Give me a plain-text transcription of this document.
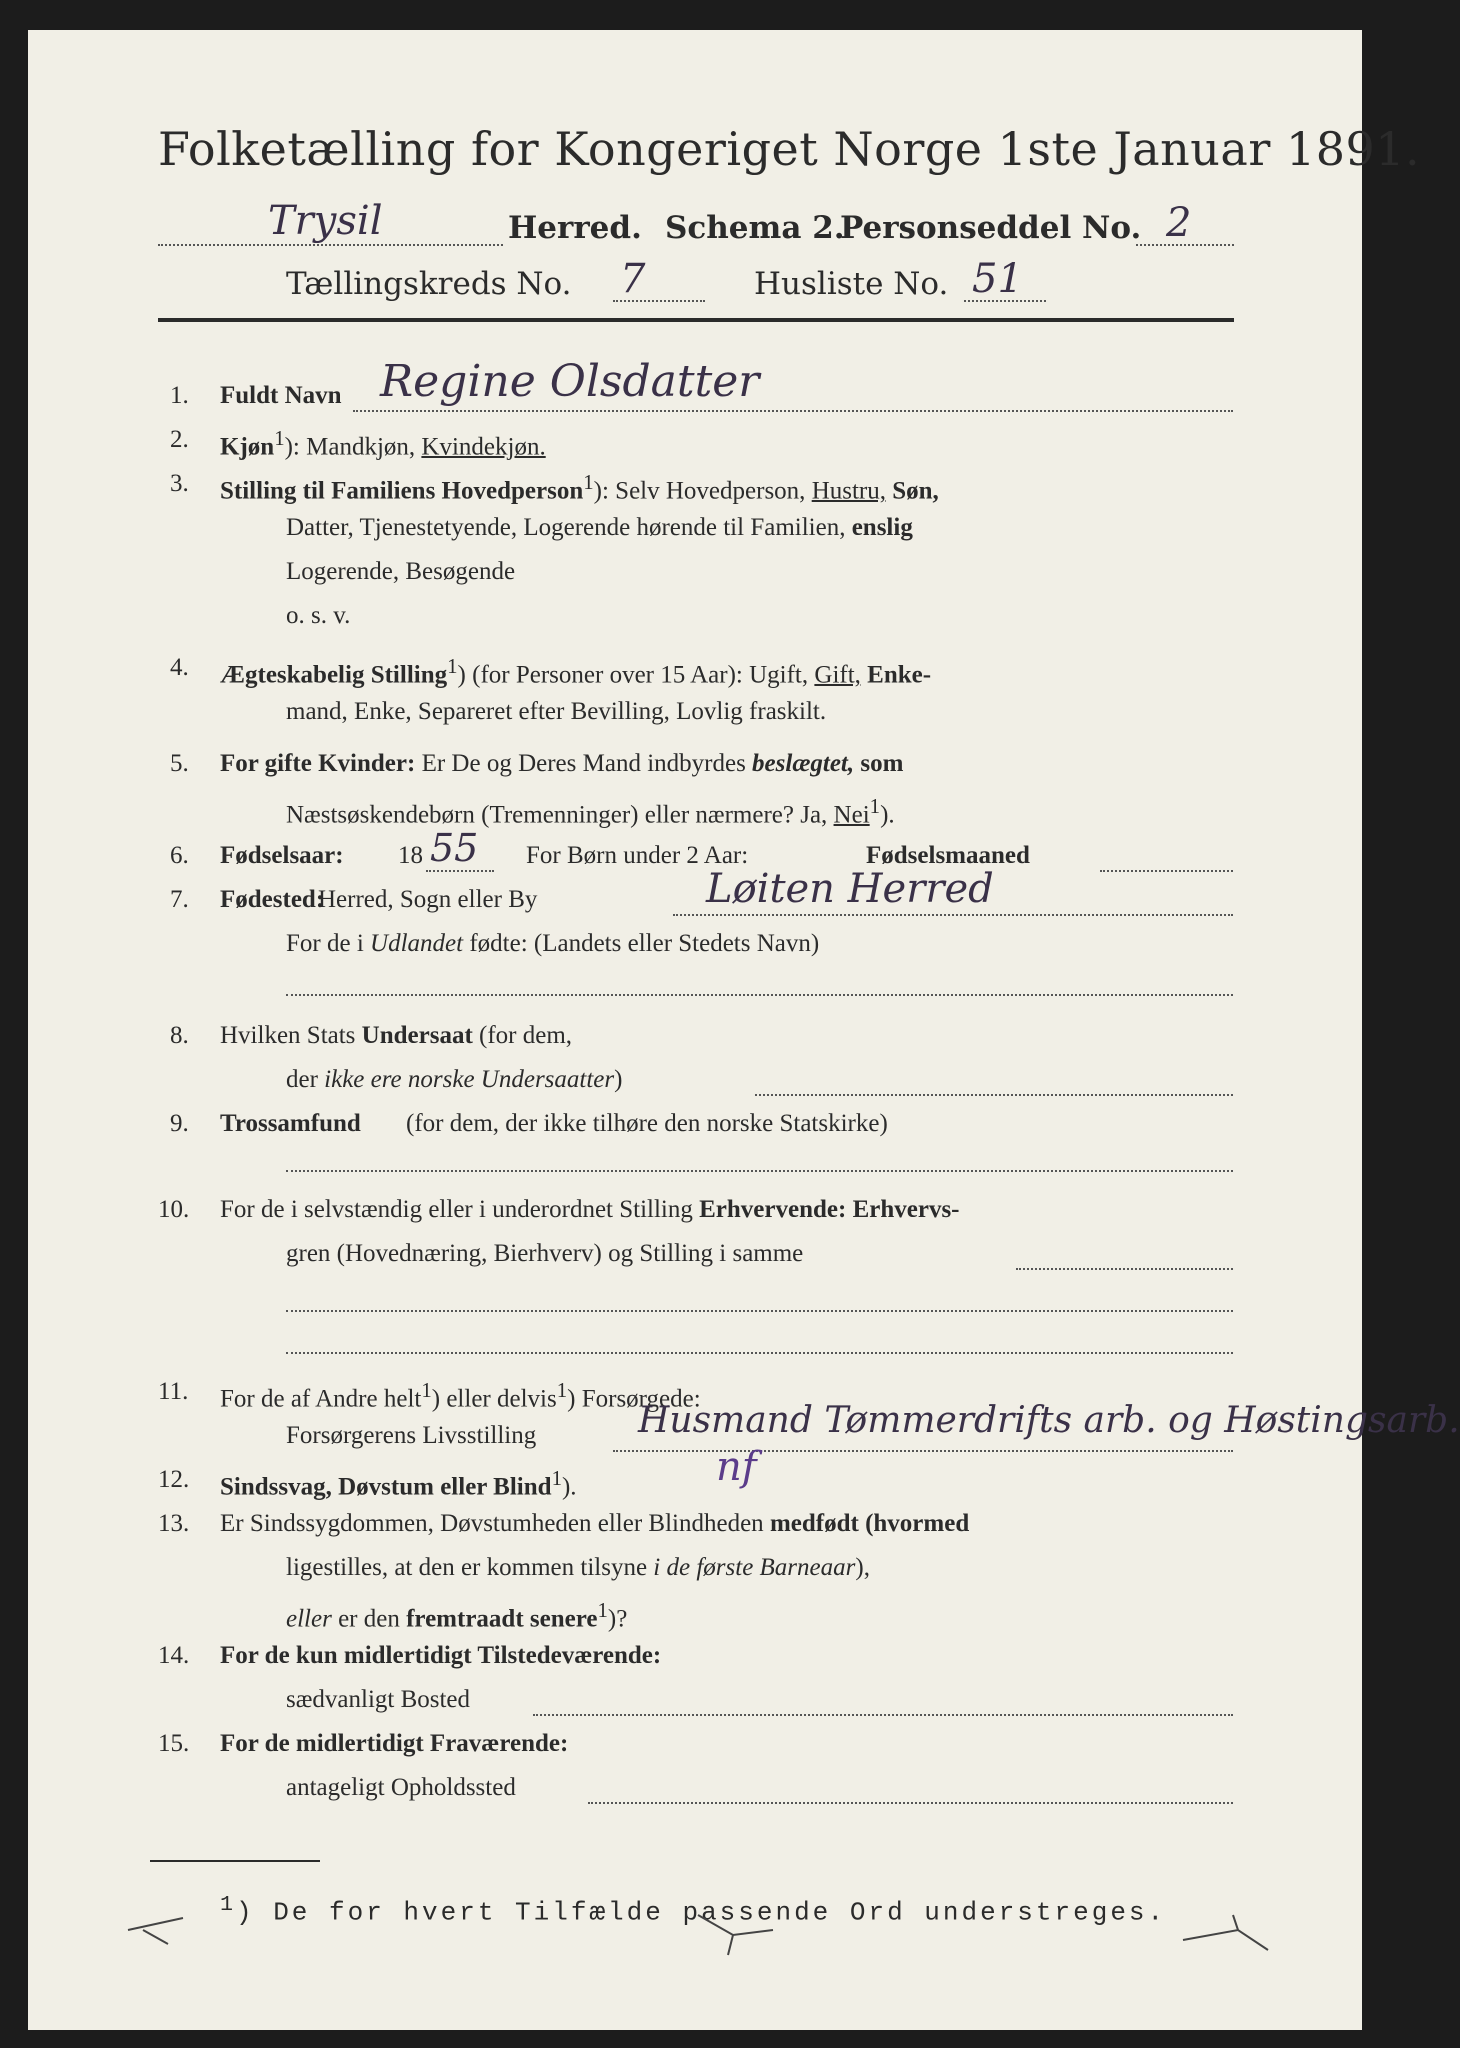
Folketælling for Kongeriget Norge 1ste Januar 1891.
Trysil	Herred. Schema 2.
Personseddel No. 2
Tællingskreds No. 7	Husliste No. 51
1. Fuldt Navn Regine Olsdatter
2. Kjøn$^1$): Mandkjøn, Kvindekjøn.
3. Stilling til Familiens Hovedperson$^1$): Selv Hovedperson, Hustru, Søn,
Datter, Tjenestetyende, Logerende hørende til Familien, enslig
Logerende, Besøgende
o. s. v.
4. Ægteskabelig Stilling$^1$) (for Personer over 15 Aar): Ugift, Gift, Enke-
mand, Enke, Separeret efter Bevilling, Lovlig fraskilt.
5. For gifte Kvinder: Er De og Deres Mand indbyrdes beslægtet, som
Næstsøskendebørn (Tremenninger) eller nærmere? Ja, Nei$^1$).
6. Fødselsaar: 18 55 For Børn under 2 Aar:	Fødselsmaaned
7. Fødested:
Herred, Sogn eller By	Løiten Herred
For de i Udlandet fødte: (Landets eller Stedets Navn)
8. Hvilken Stats Undersaat (for dem,
der ikke ere norske Undersaatter)
9. Trossamfund (for dem, der ikke tilhøre den norske Statskirke)
10. For de i selvstændig eller i underordnet Stilling Erhvervende: Erhvervs-
gren (Hovednæring, Bierhverv) og Stilling i samme
11. For de af Andre helt$^1$) eller delvis$^1$) Forsørgede:
Forsørgerens Livsstilling	Husmand Tømmerdrifts arb. og Høstingsarb.
12. Sindssvag, Døvstum eller Blind$^1$).	nf
13. Er Sindssygdommen, Døvstumheden eller Blindheden medfødt (hvormed
ligestilles, at den er kommen tilsyne i de første Barneaar),
eller er den fremtraadt senere$^1$)?
14. For de kun midlertidigt Tilstedeværende:
sædvanligt Bosted
15. For de midlertidigt Fraværende:
antageligt Opholdssted
$^1$) De for hvert Tilfælde passende Ord understreges.
